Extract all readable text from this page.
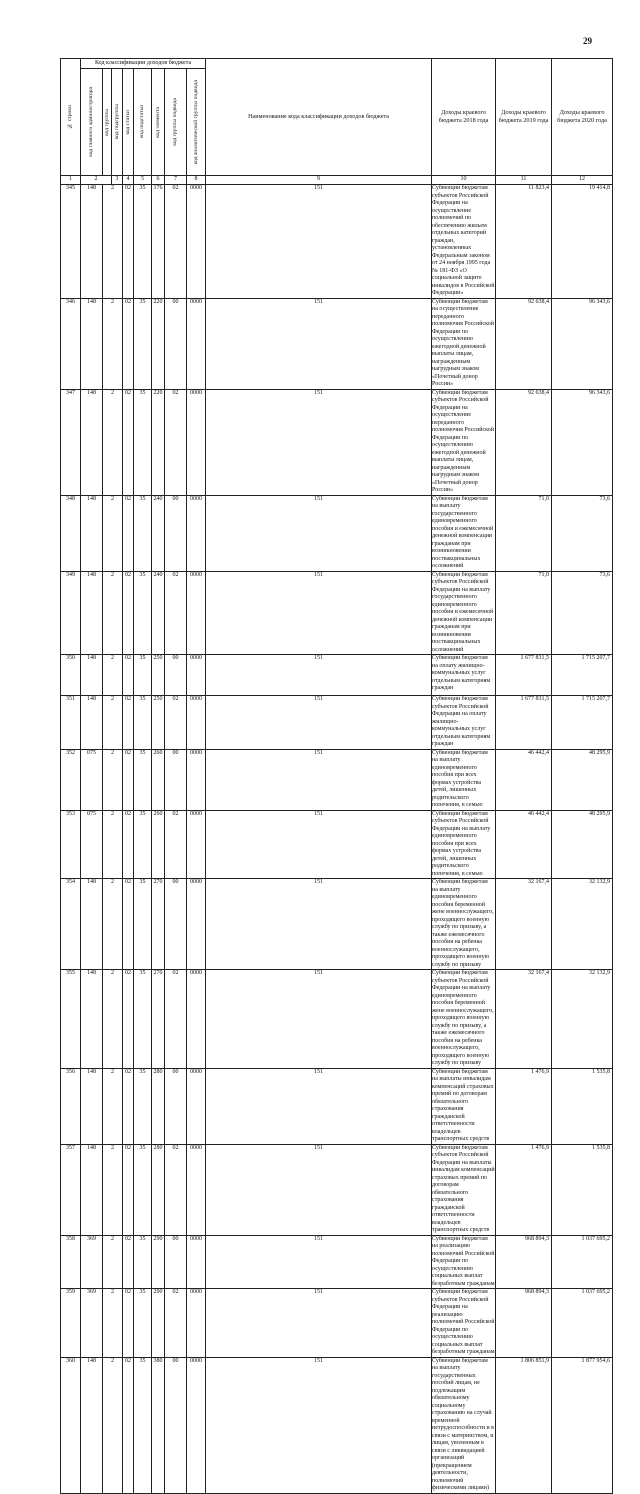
29
№ строки	Код классификации доходов бюджета								Наименование кода классификации доходов бюджета	Доходы краевого бюджета 2018 года	Доходы краевого бюджета 2019 года	Доходы краевого бюджета 2020 года	

	код главного администратора	код группы	код подгруппы	код статьи	код подстатьи	код элемента	код группы подвида	код аналитической группы подвида					

1	2		3	4	5	6	7	8	9	10	11	12	
345	148	2		02	35	176	02	0000	151	Субвенции бюджетам субъектов Российской Федерации на осуществление полномочий по обеспечению жильем отдельных категорий граждан, установленных Федеральным законом от 24 ноября 1995 года № 181-ФЗ «О социальной защите инвалидов в Российской Федерации»	11 823,4	19 414,8	
346	148	2		02	35	220	00	0000	151	Субвенции бюджетам на осуществление переданного полномочия Российской Федерации по осуществлению ежегодной денежной выплаты лицам, награжденным нагрудным знаком «Почетный донор России»	92 638,4	96 343,6	
347	148	2		02	35	220	02	0000	151	Субвенции бюджетам субъектов Российской Федерации на осуществление переданного полномочия Российской Федерации по осуществлению ежегодной денежной выплаты лицам, награжденным нагрудным знаком «Почетный донор России»	92 638,4	96 343,6	
348	148	2		02	35	240	00	0000	151	Субвенции бюджетам на выплату государственного единовременного пособия и ежемесячной денежной компенсации гражданам при возникновении поствакцинальных осложнений	71,0	73,6	
349	148	2		02	35	240	02	0000	151	Субвенции бюджетам субъектов Российской Федерации на выплату государственного единовременного пособия и ежемесячной денежной компенсации гражданам при возникновении поствакцинальных осложнений	71,0	73,6	
350	148	2		02	35	250	00	0000	151	Субвенции бюджетам на оплату жилищно-коммунальных услуг отдельным категориям граждан	1 677 831,5	1 715 207,7	
351	148	2		02	35	250	02	0000	151	Субвенции бюджетам субъектов Российской Федерации на оплату жилищно-коммунальных услуг отдельным категориям граждан	1 677 831,5	1 715 207,7	
352	075	2		02	35	260	00	0000	151	Субвенции бюджетам на выплату единовременного пособия при всех формах устройства детей, лишенных родительского попечения, в семью	46 442,4	48 295,9	
353	075	2		02	35	260	02	0000	151	Субвенции бюджетам субъектов Российской Федерации на выплату единовременного пособия при всех формах устройства детей, лишенных родительского попечения, в семью	46 442,4	48 295,9	
354	148	2		02	35	270	00	0000	151	Субвенции бюджетам на выплату единовременного пособия беременной жене военнослужащего, проходящего военную службу по призыву, а также ежемесячного пособия на ребенка военнослужащего, проходящего военную службу по призыву	32 167,4	32 132,9	
355	148	2		02	35	270	02	0000	151	Субвенции бюджетам субъектов Российской Федерации на выплату единовременного пособия беременной жене военнослужащего, проходящего военную службу по призыву, а также ежемесячного пособия на ребенка военнослужащего, проходящего военную службу по призыву	32 167,4	32 132,9	
356	148	2		02	35	280	00	0000	151	Субвенции бюджетам на выплаты инвалидам компенсаций страховых премий по договорам обязательного страхования гражданской ответственности владельцев транспортных средств	1 476,9	1 535,8	
357	148	2		02	35	280	02	0000	151	Субвенции бюджетам субъектов Российской Федерации на выплаты инвалидам компенсаций страховых премий по договорам обязательного страхования гражданской ответственности владельцев транспортных средств	1 476,9	1 535,8	
358	369	2		02	35	290	00	0000	151	Субвенции бюджетам на реализацию полномочий Российской Федерации по осуществлению социальных выплат безработным гражданам	968 894,3	1 037 695,2	
359	369	2		02	35	290	02	0000	151	Субвенции бюджетам субъектов Российской Федерации на реализацию полномочий Российской Федерации по осуществлению социальных выплат безработным гражданам	968 894,3	1 037 695,2	
360	148	2		02	35	380	00	0000	151	Субвенции бюджетам на выплату государственных пособий лицам, не подлежащим обязательному социальному страхованию на случай временной нетрудоспособности и в связи с материнством, и лицам, уволенным в связи с ликвидацией организаций (прекращением деятельности, полномочий физическими лицами)	1 806 851,9	1 877 954,6	
